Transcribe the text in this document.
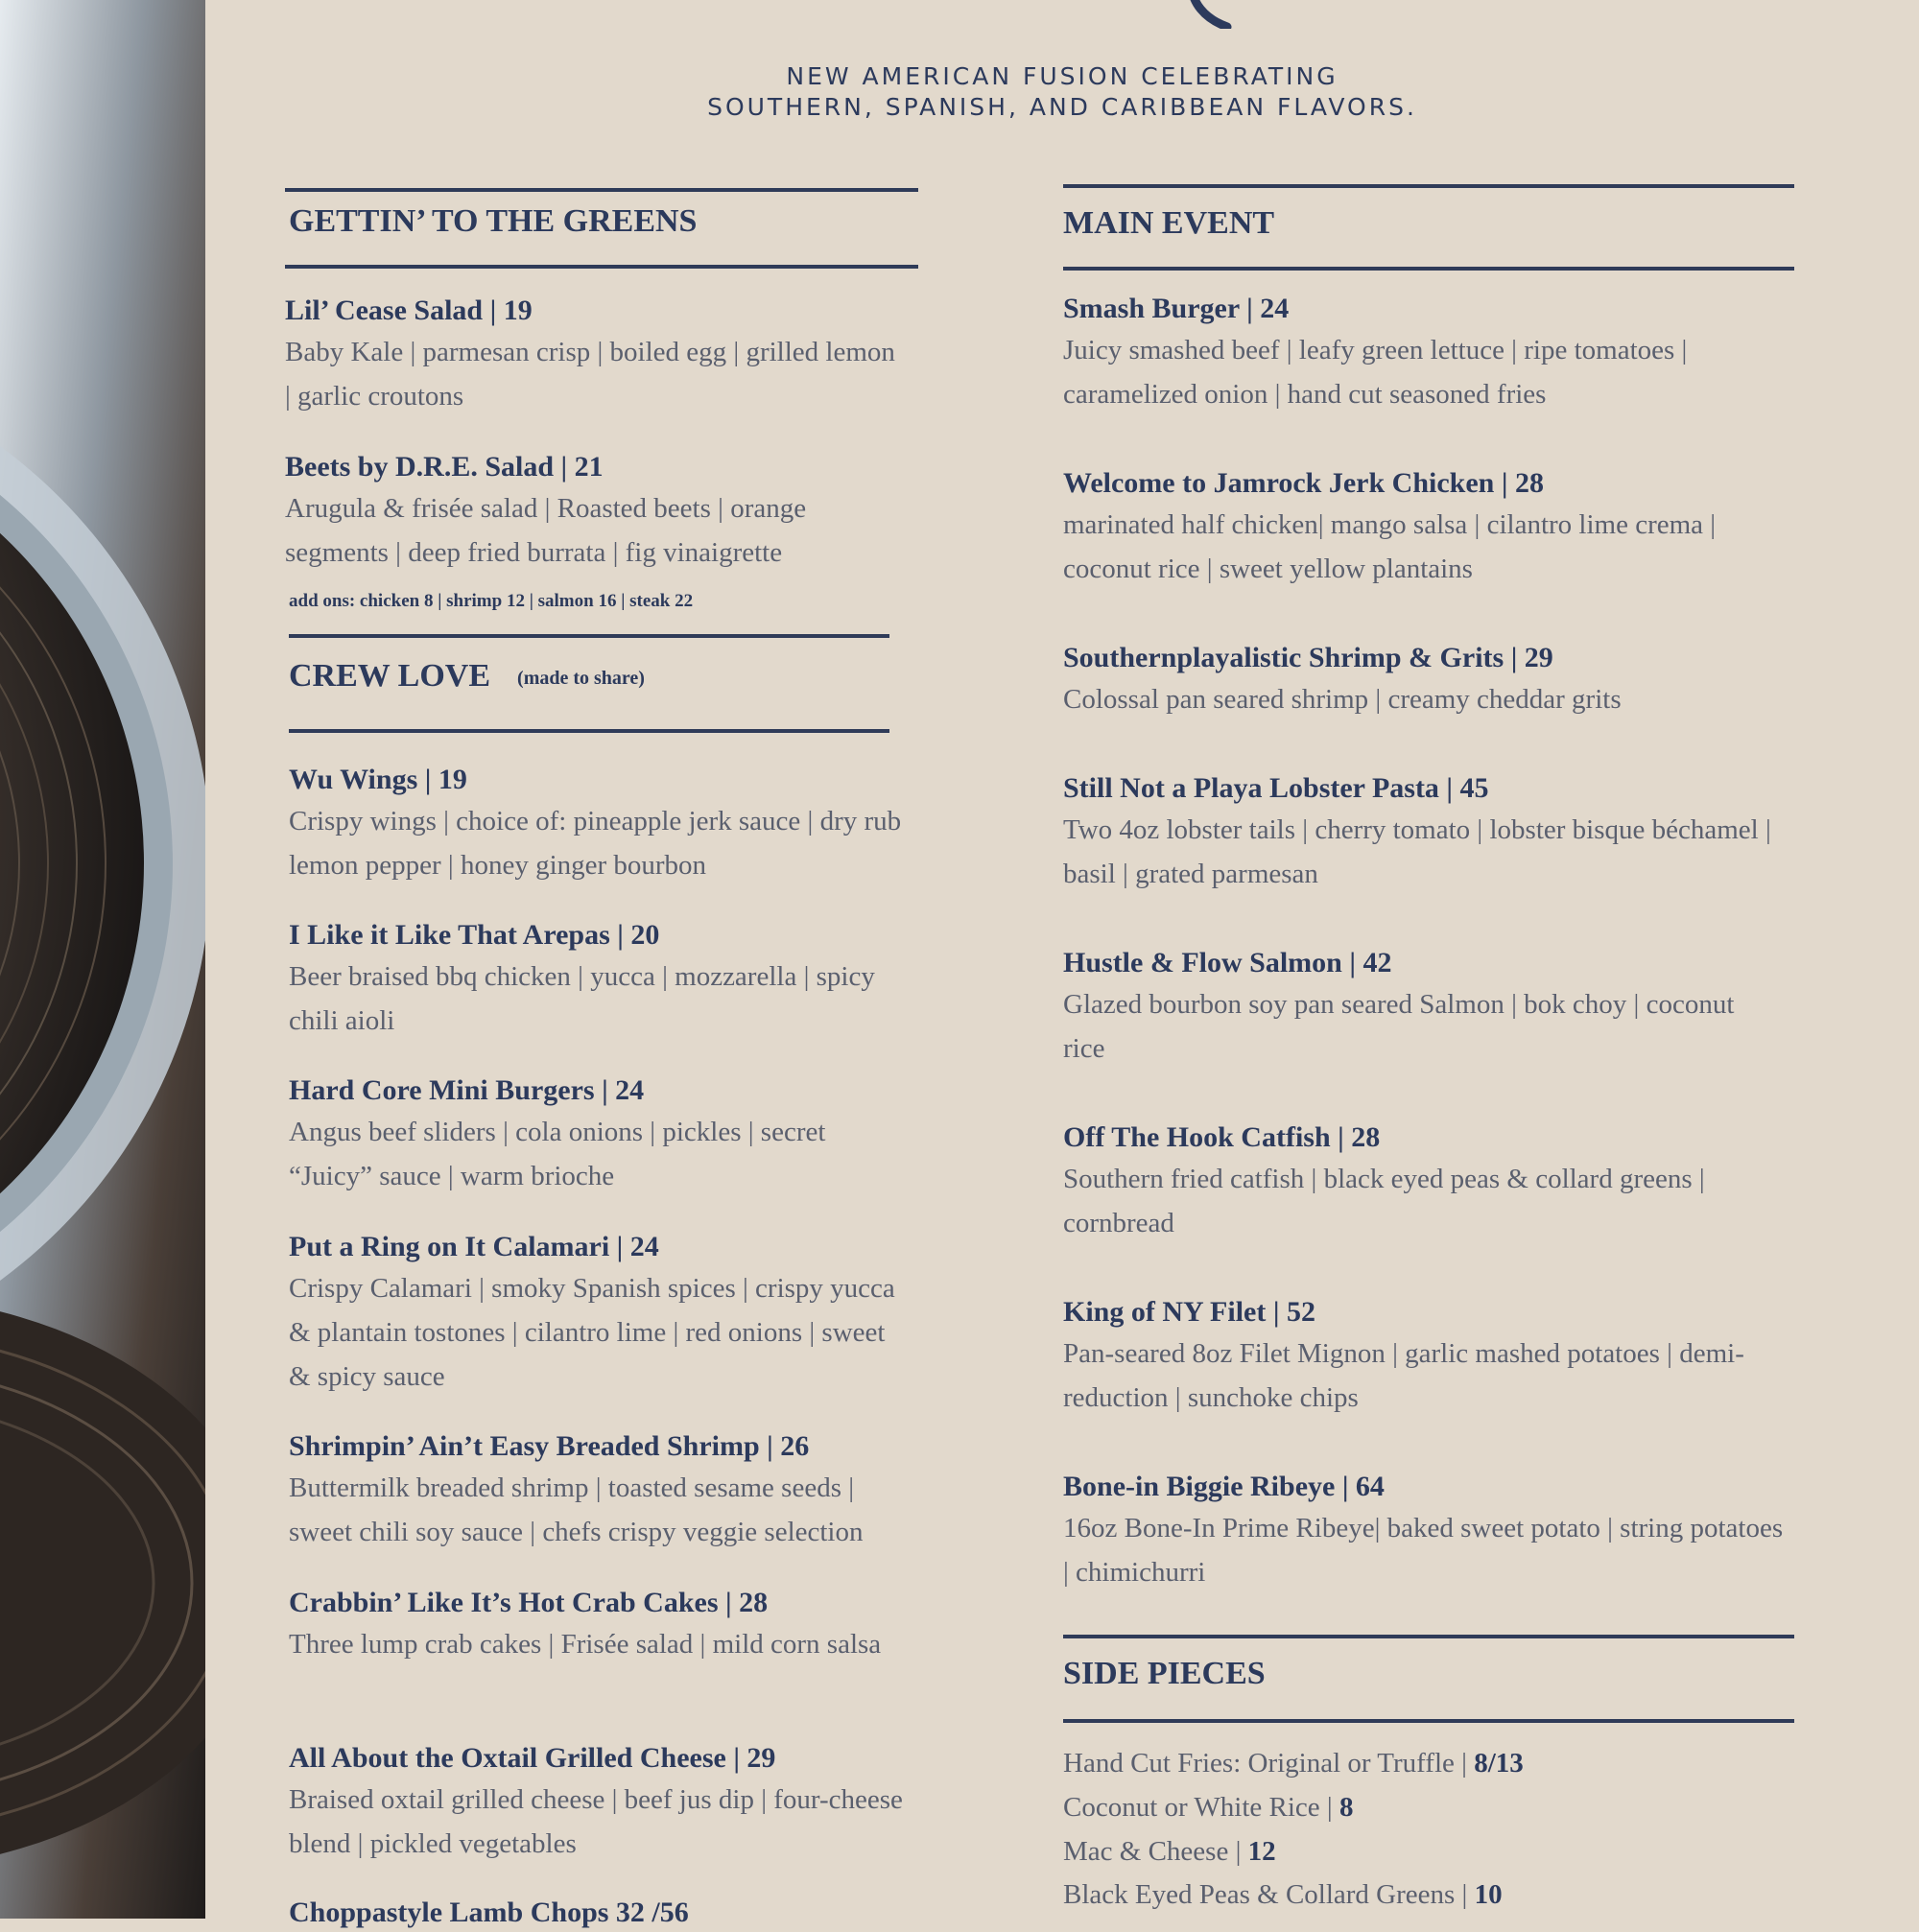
NEW AMERICAN FUSION CELEBRATING
SOUTHERN, SPANISH, AND CARIBBEAN FLAVORS.
GETTIN’ TO THE GREENS
Lil’ Cease Salad | 19
Baby Kale | parmesan crisp | boiled egg | grilled lemon | garlic croutons
Beets by D.R.E. Salad | 21
Arugula & frisée salad | Roasted beets | orange segments | deep fried burrata | fig vinaigrette
add ons: chicken 8 | shrimp 12 | salmon 16 | steak 22
CREW LOVE (made to share)
Wu Wings | 19
Crispy wings | choice of: pineapple jerk sauce | dry rub lemon pepper | honey ginger bourbon
I Like it Like That Arepas | 20
Beer braised bbq chicken | yucca | mozzarella | spicy chili aioli
Hard Core Mini Burgers | 24
Angus beef sliders | cola onions | pickles | secret “Juicy” sauce | warm brioche
Put a Ring on It Calamari | 24
Crispy Calamari | smoky Spanish spices | crispy yucca & plantain tostones | cilantro lime | red onions | sweet & spicy sauce
Shrimpin’ Ain’t Easy Breaded Shrimp | 26
Buttermilk breaded shrimp | toasted sesame seeds | sweet chili soy sauce | chefs crispy veggie selection
Crabbin’ Like It’s Hot Crab Cakes | 28
Three lump crab cakes | Frisée salad | mild corn salsa
All About the Oxtail Grilled Cheese | 29
Braised oxtail grilled cheese | beef jus dip | four-cheese blend | pickled vegetables
Choppastyle Lamb Chops 32 /56
MAIN EVENT
Smash Burger | 24
Juicy smashed beef | leafy green lettuce | ripe tomatoes | caramelized onion | hand cut seasoned fries
Welcome to Jamrock Jerk Chicken | 28
marinated half chicken| mango salsa | cilantro lime crema | coconut rice | sweet yellow plantains
Southernplayalistic Shrimp & Grits | 29
Colossal pan seared shrimp | creamy cheddar grits
Still Not a Playa Lobster Pasta | 45
Two 4oz lobster tails | cherry tomato | lobster bisque béchamel | basil | grated parmesan
Hustle & Flow Salmon | 42
Glazed bourbon soy pan seared Salmon | bok choy | coconut rice
Off The Hook Catfish | 28
Southern fried catfish | black eyed peas & collard greens | cornbread
King of NY Filet | 52
Pan-seared 8oz Filet Mignon | garlic mashed potatoes | demi-reduction | sunchoke chips
Bone-in Biggie Ribeye | 64
16oz Bone-In Prime Ribeye| baked sweet potato | string potatoes | chimichurri
SIDE PIECES
Hand Cut Fries: Original or Truffle | 8/13
Coconut or White Rice | 8
Mac & Cheese | 12
Black Eyed Peas & Collard Greens | 10
